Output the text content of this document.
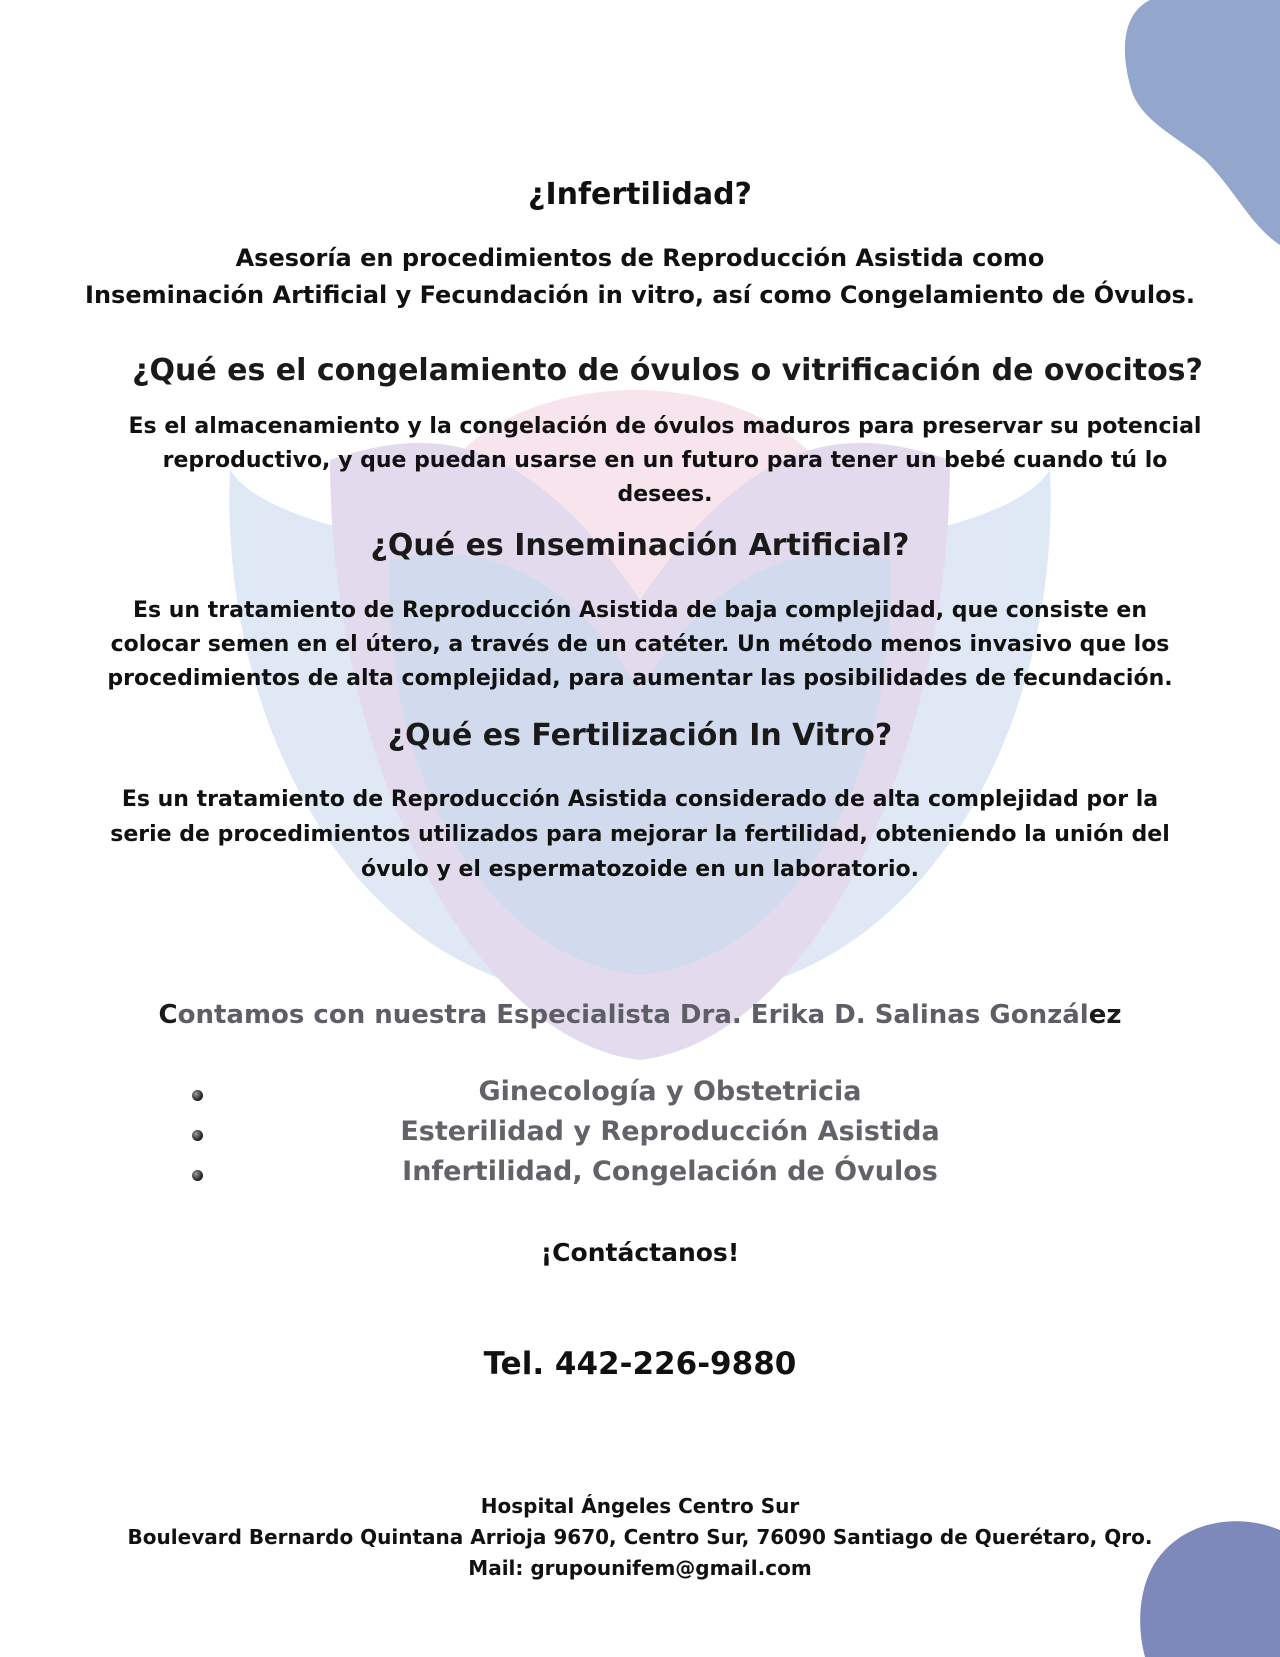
¿Infertilidad?
Asesoría en procedimientos de Reproducción Asistida como
Inseminación Artificial y Fecundación in vitro, así como Congelamiento de Óvulos.
¿Qué es el congelamiento de óvulos o vitrificación de ovocitos?
Es el almacenamiento y la congelación de óvulos maduros para preservar su potencial
reproductivo, y que puedan usarse en un futuro para tener un bebé cuando tú lo
desees.
¿Qué es Inseminación Artificial?
Es un tratamiento de Reproducción Asistida de baja complejidad, que consiste en
colocar semen en el útero, a través de un catéter. Un método menos invasivo que los
procedimientos de alta complejidad, para aumentar las posibilidades de fecundación.
¿Qué es Fertilización In Vitro?
Es un tratamiento de Reproducción Asistida considerado de alta complejidad por la
serie de procedimientos utilizados para mejorar la fertilidad, obteniendo la unión del
óvulo y el espermatozoide en un laboratorio.
Contamos con nuestra Especialista Dra. Erika D. Salinas González
Ginecología y Obstetricia
Esterilidad y Reproducción Asistida
Infertilidad, Congelación de Óvulos
¡Contáctanos!
Tel. 442-226-9880
Hospital Ángeles Centro Sur
Boulevard Bernardo Quintana Arrioja 9670, Centro Sur, 76090 Santiago de Querétaro, Qro.
Mail: grupounifem@gmail.com
